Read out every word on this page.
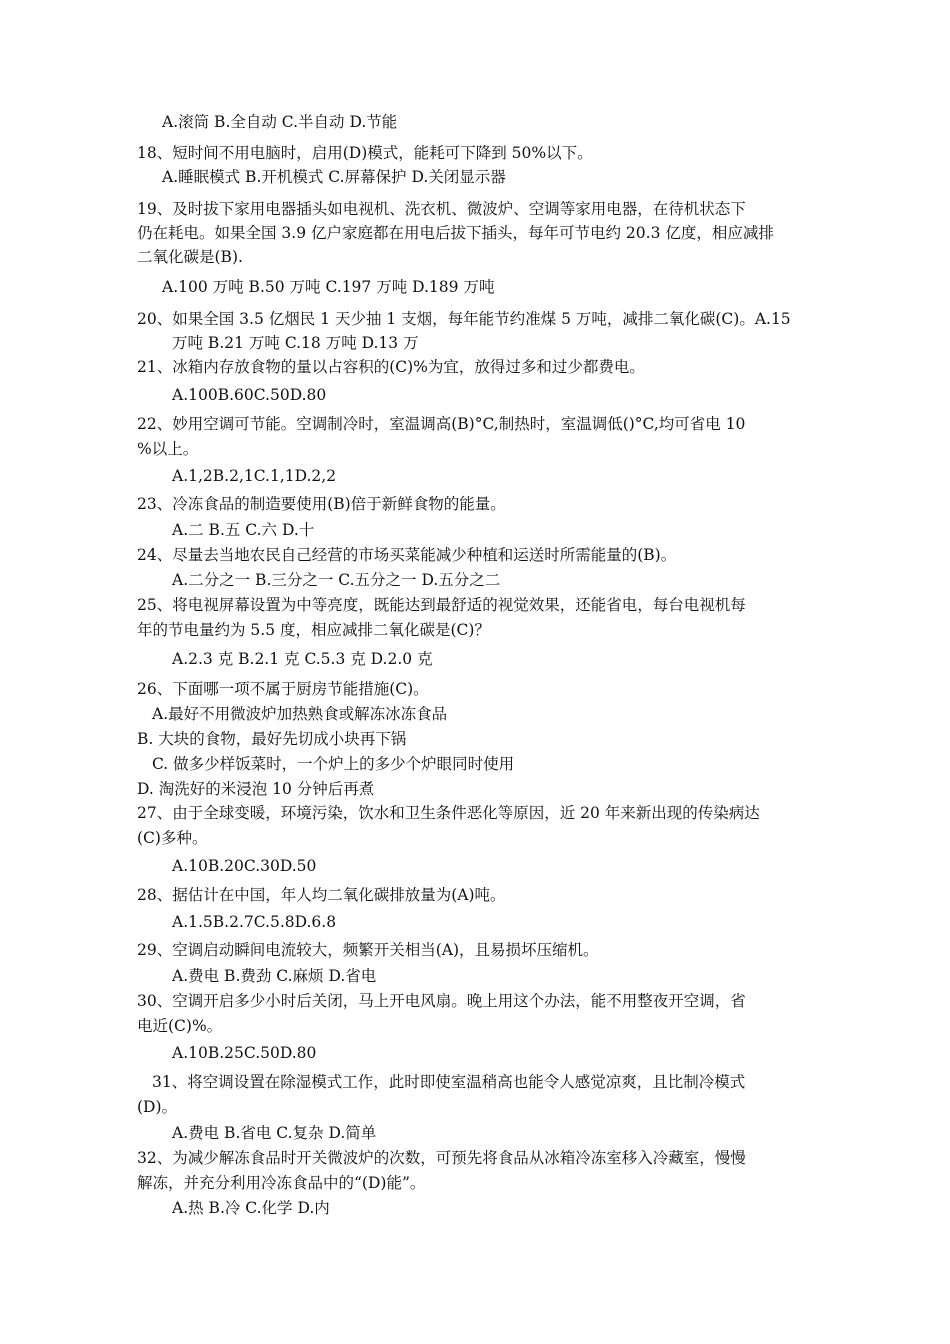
A.滚筒 B.全自动 C.半自动 D.节能
18、短时间不用电脑时，启用(D)模式，能耗可下降到 50%以下。
A.睡眠模式 B.开机模式 C.屏幕保护 D.关闭显示器
19、及时拔下家用电器插头如电视机、洗衣机、微波炉、空调等家用电器，在待机状态下
仍在耗电。如果全国 3.9 亿户家庭都在用电后拔下插头，每年可节电约 20.3 亿度，相应减排
二氧化碳是(B).
A.100 万吨 B.50 万吨 C.197 万吨 D.189 万吨
20、如果全国 3.5 亿烟民 1 天少抽 1 支烟，每年能节约准煤 5 万吨，减排二氧化碳(C)。A.15
万吨 B.21 万吨 C.18 万吨 D.13 万
21、冰箱内存放食物的量以占容积的(C)%为宜，放得过多和过少都费电。
A.100B.60C.50D.80
22、妙用空调可节能。空调制冷时，室温调高(B)°C,制热时，室温调低()°C,均可省电 10
%以上。
A.1,2B.2,1C.1,1D.2,2
23、冷冻食品的制造要使用(B)倍于新鲜食物的能量。
A.二 B.五 C.六 D.十
24、尽量去当地农民自己经营的市场买菜能减少种植和运送时所需能量的(B)。
A.二分之一 B.三分之一 C.五分之一 D.五分之二
25、将电视屏幕设置为中等亮度，既能达到最舒适的视觉效果，还能省电，每台电视机每
年的节电量约为 5.5 度，相应减排二氧化碳是(C)？
A.2.3 克 B.2.1 克 C.5.3 克 D.2.0 克
26、下面哪一项不属于厨房节能措施(C)。
A.最好不用微波炉加热熟食或解冻冰冻食品
B. 大块的食物，最好先切成小块再下锅
C. 做多少样饭菜时，一个炉上的多少个炉眼同时使用
D. 淘洗好的米浸泡 10 分钟后再煮
27、由于全球变暖，环境污染，饮水和卫生条件恶化等原因，近 20 年来新出现的传染病达
(C)多种。
A.10B.20C.30D.50
28、据估计在中国，年人均二氧化碳排放量为(A)吨。
A.1.5B.2.7C.5.8D.6.8
29、空调启动瞬间电流较大，频繁开关相当(A)，且易损坏压缩机。
A.费电 B.费劲 C.麻烦 D.省电
30、空调开启多少小时后关闭，马上开电风扇。晚上用这个办法，能不用整夜开空调，省
电近(C)%。
A.10B.25C.50D.80
31、将空调设置在除湿模式工作，此时即使室温稍高也能令人感觉凉爽，且比制冷模式
(D)。
A.费电 B.省电 C.复杂 D.简单
32、为减少解冻食品时开关微波炉的次数，可预先将食品从冰箱冷冻室移入冷藏室，慢慢
解冻，并充分利用冷冻食品中的“(D)能”。
A.热 B.冷 C.化学 D.内
